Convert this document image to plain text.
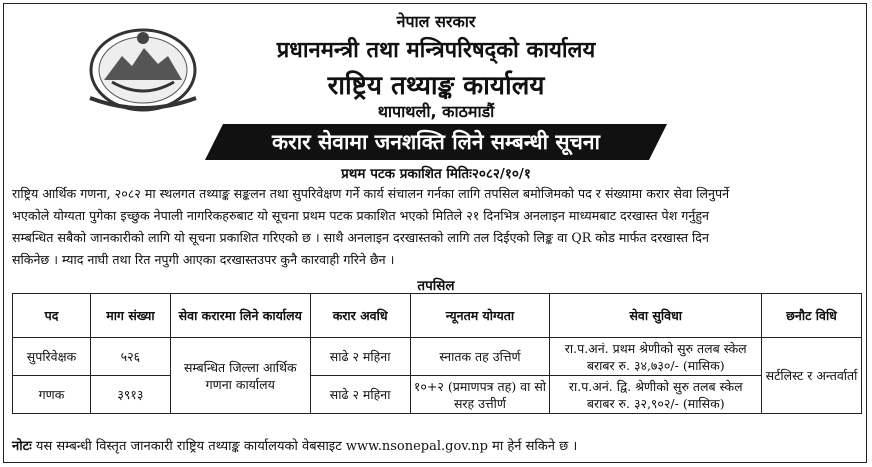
नेपाल सरकार
प्रधानमन्त्री तथा मन्त्रिपरिषद्को कार्यालय
राष्ट्रिय तथ्याङ्क कार्यालय
थापाथली, काठमाडौं
करार सेवामा जनशक्ति लिने सम्बन्धी सूचना
प्रथम पटक प्रकाशित मितिः२०८२/१०/१
राष्ट्रिय आर्थिक गणना, २०८२ मा स्थलगत तथ्याङ्क सङ्कलन तथा सुपरिवेक्षण गर्ने कार्य संचालन गर्नका लागि तपसिल बमोजिमको पद र संख्यामा करार सेवा लिनुपर्ने
भएकोले योग्यता पुगेका इच्छुक नेपाली नागरिकहरुबाट यो सूचना प्रथम पटक प्रकाशित भएको मितिले २१ दिनभित्र अनलाइन माध्यमबाट दरखास्त पेश गर्नुहुन
सम्बन्धित सबैको जानकारीको लागि यो सूचना प्रकाशित गरिएको छ । साथै अनलाइन दरखास्तको लागि तल दिईएको लिङ्क वा QR कोड मार्फत दरखास्त दिन
सकिनेछ । म्याद नाघी तथा रित नपुगी आएका दरखास्तउपर कुनै कारवाही गरिने छैन ।
तपसिल
पद	माग संख्या	सेवा करारमा लिने कार्यालय	करार अवधि	न्यूनतम योग्यता	सेवा सुविधा	छनौट विधि
सुपरिवेक्षक	५२६	सम्बन्धित जिल्ला आर्थिक गणना कार्यालय	साढे २ महिना	स्नातक तह उत्तिर्ण	रा.प.अनं. प्रथम श्रेणीको सुरु तलब स्केल बराबर रु. ३४,७३०/- (मासिक)	सर्टलिस्ट र अन्तर्वार्ता
गणक	३९१३		साढे २ महिना	१०+२ (प्रमाणपत्र तह) वा सो सरह उत्तीर्ण	रा.प.अनं. द्वि. श्रेणीको सुरु तलब स्केल बराबर रु. ३२,९०२/- (मासिक)	
नोटः यस सम्बन्धी विस्तृत जानकारी राष्ट्रिय तथ्याङ्क कार्यालयको वेबसाइट www.nsonepal.gov.np मा हेर्न सकिने छ ।
